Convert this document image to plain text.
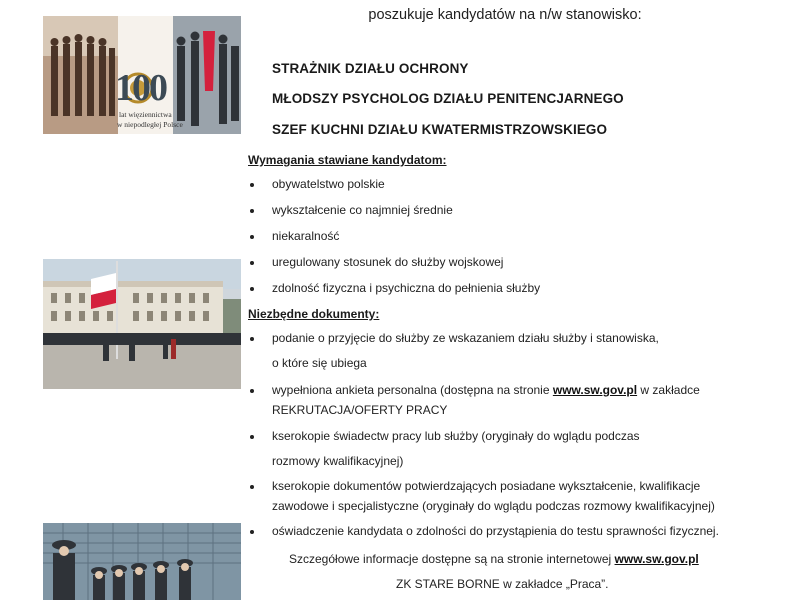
100
lat więziennictwa
w niepodległej Polsce
poszukuje kandydatów na n/w stanowisko:
STRAŻNIK DZIAŁU OCHRONY
MŁODSZY PSYCHOLOG DZIAŁU PENITENCJARNEGO
SZEF KUCHNI DZIAŁU KWATERMISTRZOWSKIEGO
Wymagania stawiane kandydatom:
obywatelstwo polskie
wykształcenie co najmniej średnie
niekaralność
uregulowany stosunek do służby wojskowej
zdolność fizyczna i psychiczna do pełnienia służby
Niezbędne dokumenty:
podanie o przyjęcie do służby ze wskazaniem działu służby i stanowiska,
o które się ubiega
wypełniona ankieta personalna (dostępna na stronie www.sw.gov.pl w zakładce
REKRUTACJA/OFERTY PRACY
kserokopie świadectw pracy lub służby (oryginały do wglądu podczas
rozmowy kwalifikacyjnej)
kserokopie dokumentów potwierdzających posiadane wykształcenie, kwalifikacje
zawodowe i specjalistyczne (oryginały do wglądu podczas rozmowy kwalifikacyjnej)
oświadczenie kandydata o zdolności do przystąpienia do testu sprawności fizycznej.
Szczegółowe informacje dostępne są na stronie internetowej www.sw.gov.pl
ZK STARE BORNE w zakładce „Praca”.
